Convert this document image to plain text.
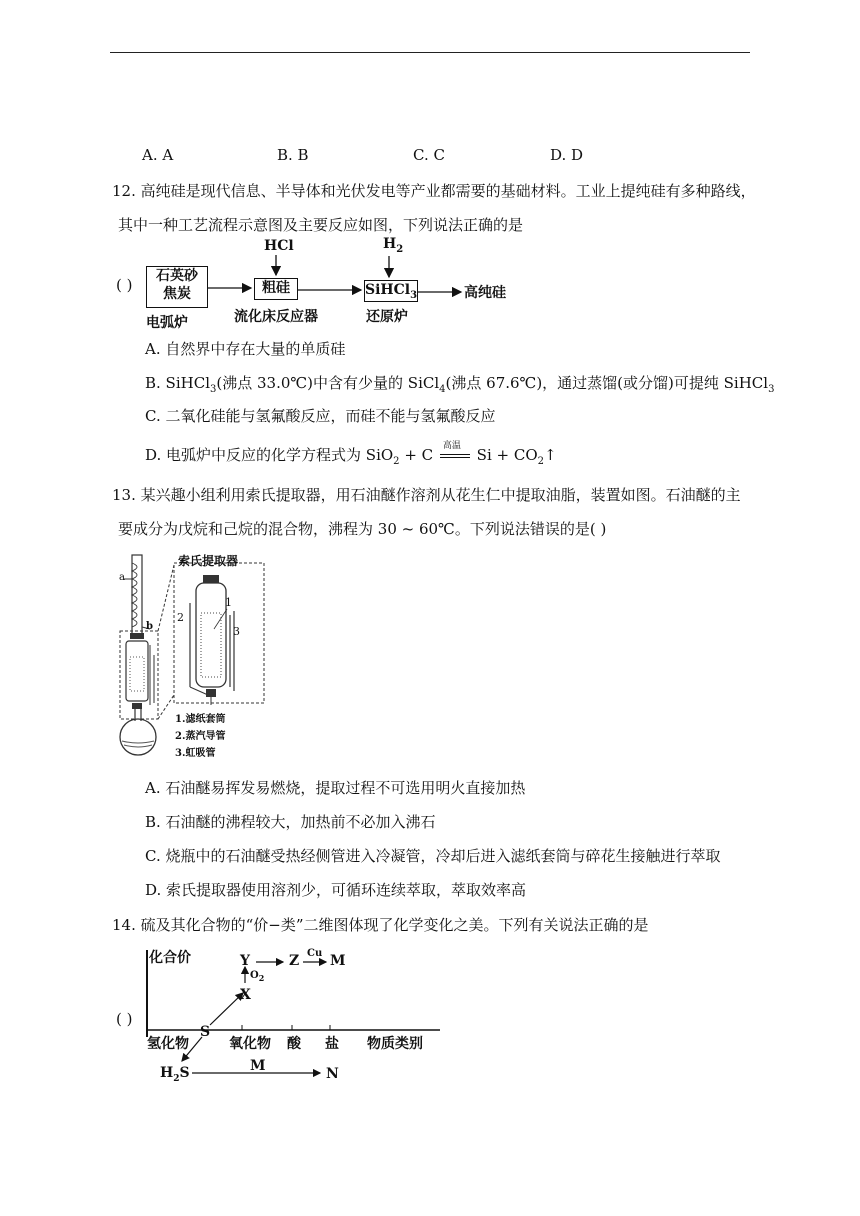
A. A	B. B	C. C	D. D
12. 高纯硅是现代信息、半导体和光伏发电等产业都需要的基础材料。工业上提纯硅有多种路线，
其中一种工艺流程示意图及主要反应如图，下列说法正确的是
( )	石英砂
焦炭
电弧炉
HCl
粗硅
流化床反应器
$H_2$
SiHCl$_3$
还原炉
高纯硅
A. 自然界中存在大量的单质硅
B. SiHCl$_3$(沸点 33.0℃)中含有少量的 SiCl$_4$(沸点 67.6℃)，通过蒸馏(或分馏)可提纯 SiHCl$_3$
C. 二氧化硅能与氢氟酸反应，而硅不能与氢氟酸反应
D. 电弧炉中反应的化学方程式为 SiO$_2$ + C 高温 $Si + CO_2↑$
13. 某兴趣小组利用索氏提取器，用石油醚作溶剂从花生仁中提取油脂，装置如图。石油醚的主
要成分为戊烷和己烷的混合物，沸程为 30 ~ 60℃。下列说法错误的是( )
索氏提取器
a
b
1
2
3
1.滤纸套筒
2.蒸汽导管
3.虹吸管
A. 石油醚易挥发易燃烧，提取过程不可选用明火直接加热
B. 石油醚的沸程较大，加热前不必加入沸石
C. 烧瓶中的石油醚受热经侧管进入冷凝管，冷却后进入滤纸套筒与碎花生接触进行萃取
D. 索氏提取器使用溶剂少，可循环连续萃取，萃取效率高
14. 硫及其化合物的“价−类”二维图体现了化学变化之美。下列有关说法正确的是
( )
化合价
氢化物	氧化物 酸 盐 物质类别
S
X
Y	Z M
Cu
$O_2$
$H_2S$	M	N
